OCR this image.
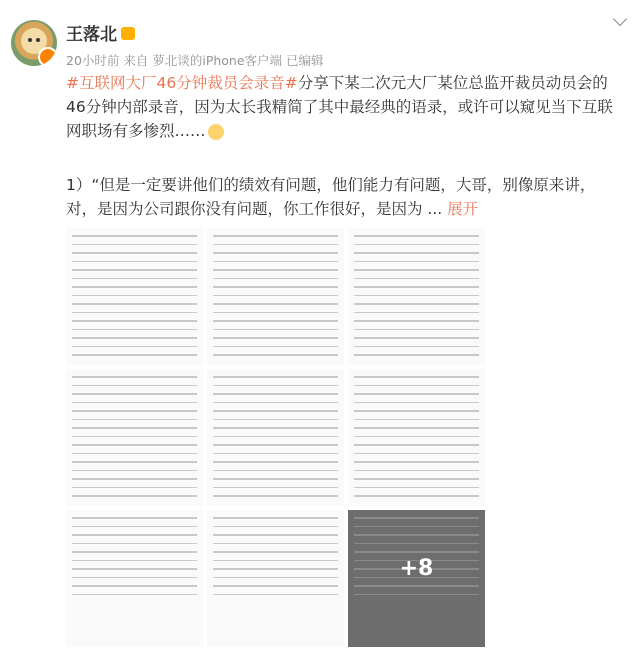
王落北
20小时前 来自 萝北谈的iPhone客户端 已编辑
#互联网大厂46分钟裁员会录音#分享下某二次元大厂某位总监开裁员动员会的46分钟内部录音，因为太长我精简了其中最经典的语录，或许可以窥见当下互联网职场有多惨烈……
1）“但是一定要讲他们的绩效有问题，他们能力有问题，大哥，别像原来讲，对，是因为公司跟你没有问题，你工作很好，是因为 ... 展开
+8
